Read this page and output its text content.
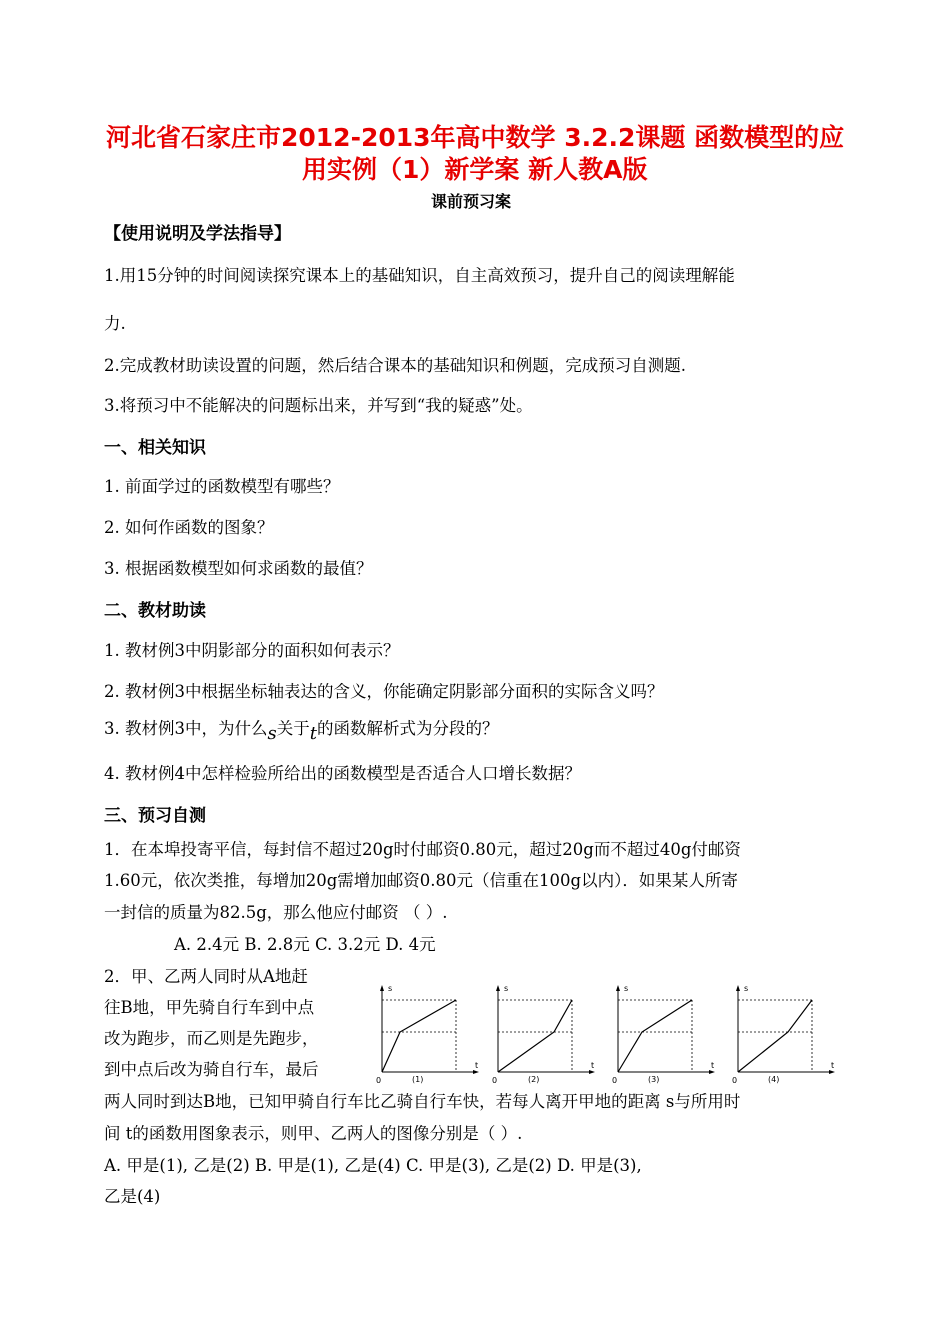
河北省石家庄市2012-2013年高中数学 3.2.2课题 函数模型的应
用实例（1）新学案 新人教A版
课前预习案
【使用说明及学法指导】
1.用15分钟的时间阅读探究课本上的基础知识，自主高效预习，提升自己的阅读理解能
力.
2.完成教材助读设置的问题，然后结合课本的基础知识和例题，完成预习自测题.
3.将预习中不能解决的问题标出来，并写到“我的疑惑”处。
一、相关知识
1. 前面学过的函数模型有哪些？
2. 如何作函数的图象？
3. 根据函数模型如何求函数的最值？
二、教材助读
1. 教材例3中阴影部分的面积如何表示？
2. 教材例3中根据坐标轴表达的含义，你能确定阴影部分面积的实际含义吗？
3. 教材例3中，为什么s关于t的函数解析式为分段的？
4. 教材例4中怎样检验所给出的函数模型是否适合人口增长数据？
三、预习自测
1．在本埠投寄平信，每封信不超过20g时付邮资0.80元，超过20g而不超过40g付邮资
1.60元，依次类推，每增加20g需增加邮资0.80元（信重在100g以内）．如果某人所寄
一封信的质量为82.5g，那么他应付邮资 （ ）.
A. 2.4元 B. 2.8元 C. 3.2元 D. 4元
2．甲、乙两人同时从A地赶
往B地，甲先骑自行车到中点
改为跑步，而乙则是先跑步，
到中点后改为骑自行车，最后
两人同时到达B地，已知甲骑自行车比乙骑自行车快，若每人离开甲地的距离 s与所用时
间 t的函数用图象表示，则甲、乙两人的图像分别是（ ）.
A. 甲是(1), 乙是(2) B. 甲是(1), 乙是(4) C. 甲是(3), 乙是(2) D. 甲是(3),
乙是(4)
s
t
0	(1)
s
t
0	(2)
s
t
0	(3)
s
t
0	(4)
